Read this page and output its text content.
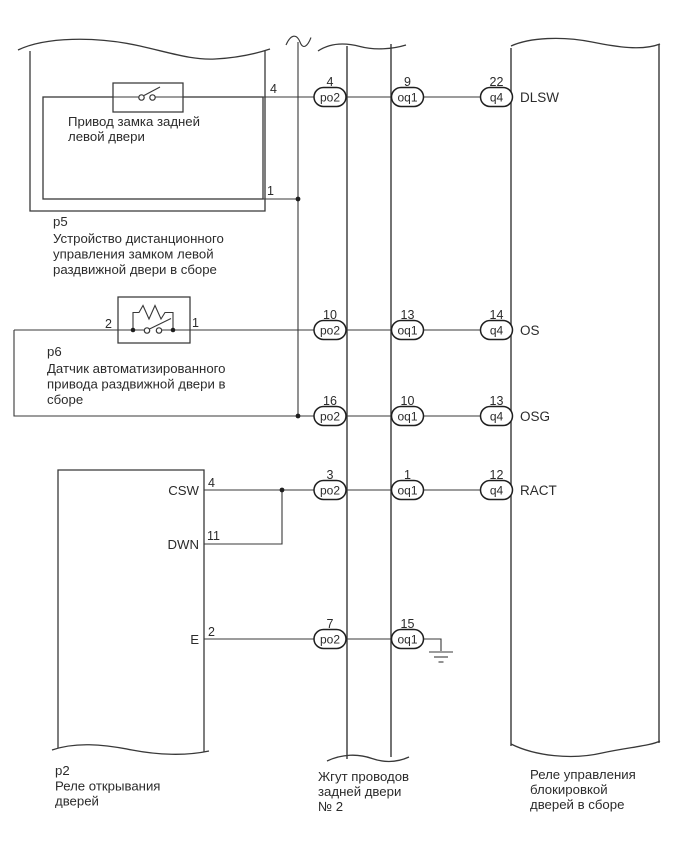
po2
4
oq1
9
q4
22
DLSW
po2
10
oq1
13
q4
14
OS
po2
16
oq1
10
q4
13
OSG
po2
3
oq1
1
q4
12
RACT
po2
7
oq1
15
4
1
2	1
4
11
2
CSW
DWN
E
Привод замка задней
левой двери
p5
Устройство дистанционного
управления замком левой
раздвижной двери в сборе
p6
Датчик автоматизированного
привода раздвижной двери в
сборе
p2
Реле открывания
дверей
Жгут проводов
задней двери
№ 2
Реле управления
блокировкой
дверей в сборе
